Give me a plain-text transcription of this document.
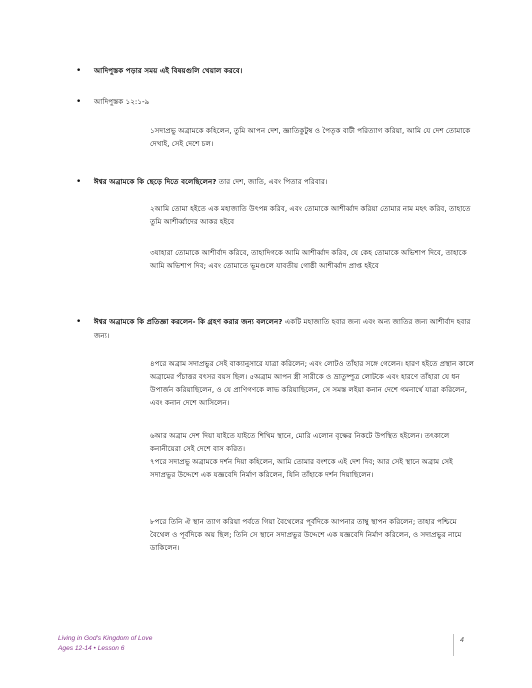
• আদিপুস্তক পড়ার সময় এই বিষয়গুলি খেয়াল করবে।
• আদিপুস্তক ১২:১-৯
১সদাপ্রভু অব্রামকে কহিলেন, তুমি আপন দেশ, জ্ঞাতিকুটুম্ব ও পৈতৃক বাটী পরিত্যাগ করিয়া, আমি যে দেশ তোমাকে
দেখাই, সেই দেশে চল।
• ঈশ্বর অব্রামকে কি ছেড়ে দিতে বলেছিলেন? তার দেশ, জাতি, এবং পিতার পরিবার।
২আমি তোমা হইতে এক মহাজাতি উৎপন্ন করিব, এবং তোমাকে আশীর্ব্বাদ করিয়া তোমার নাম মহৎ করিব, তাহাতে
তুমি আশীর্ব্বাদের আকর হইবে
৩যাহারা তোমাকে আশীর্বাদ করিবে, তাহাদিগকে আমি আশীর্ব্বাদ করিব, যে কেহ তোমাকে অভিশাপ দিবে, তাহাকে
আমি অভিশাপ দিব; এবং তোমাতে ভূমণ্ডলে যাবতীয় গোষ্ঠী আশীর্ব্বাদ প্রাপ্ত হইবে
• ঈশ্বর অব্রামকে কি প্রতিজ্ঞা করলেন- কি গ্রহণ করার জন্য বললেন? একটি মহাজাতি হবার জন্য এবং অন্য জাতির জন্য আশীর্বাদ হবার
জন্য।
৪পরে অব্রাম সদাপ্রভুর সেই বাক্যানুসারে যাত্রা করিলেন; এবং লোটও তাঁহার সঙ্গে গেলেন। হারণ হইতে প্রস্থান কালে
অব্রামের পঁচাত্তর বৎসর বয়স ছিল। ৫অব্রাম আপন স্ত্রী সারীকে ও ভ্রাতুষ্পুত্র লোটকে এবং হারণে তাঁহারা যে ধন
উপার্জন করিয়াছিলেন, ও যে প্রাণিগণকে লাভ করিয়াছিলেন, সে সমস্ত লইয়া কনান দেশে গমনার্থে যাত্রা করিলেন,
এবং কনান দেশে আসিলেন।
৬আর অব্রাম দেশ দিয়া যাইতে যাইতে শিখিম স্থানে, মোরি এলোন বৃক্ষের নিকটে উপস্থিত হইলেন। তৎকালে
কনানীয়েরা সেই দেশে বাস করিত।
৭পরে সদাপ্রভু অব্রামকে দর্শন দিয়া কহিলেন, আমি তোমার বংশকে এই দেশ দিব; আর সেই স্থানে অব্রাম সেই
সদাপ্রভুর উদ্দেশে এক যজ্ঞবেদি নির্মাণ করিলেন, যিনি তাঁহাকে দর্শন দিয়াছিলেন।
৮পরে তিনি ঐ স্থান ত্যাগ করিয়া পর্বতে গিয়া বৈথেলের পূর্বদিকে আপনার তাম্বু স্থাপন করিলেন; তাহার পশ্চিমে
বৈথেল ও পূর্বদিকে অয় ছিল; তিনি সে স্থানে সদাপ্রভুর উদ্দেশে এক যজ্ঞবেদি নির্মাণ করিলেন, ও সদাপ্রভুর নামে
ডাকিলেন।
Living in God's Kingdom of Love
Ages 12-14 • Lesson 6
4
